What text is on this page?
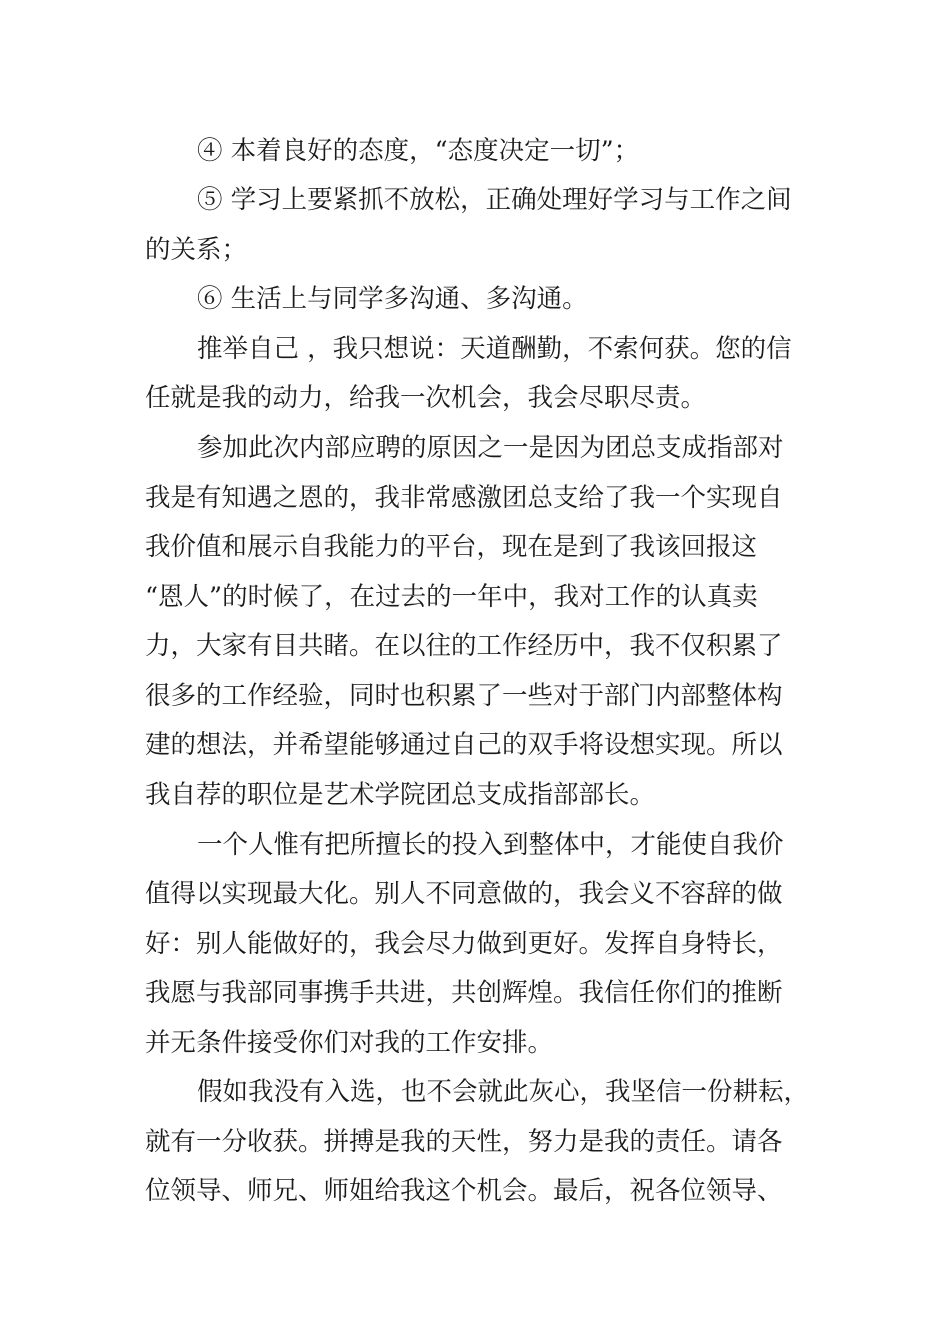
④ 本着良好的态度，“态度决定一切”；
⑤ 学习上要紧抓不放松，正确处理好学习与工作之间
的关系；
⑥ 生活上与同学多沟通、多沟通。
推举自己 ，我只想说：天道酬勤，不索何获。您的信
任就是我的动力，给我一次机会，我会尽职尽责。
参加此次内部应聘的原因之一是因为团总支成指部对
我是有知遇之恩的，我非常感激团总支给了我一个实现自
我价值和展示自我能力的平台，现在是到了我该回报这
“恩人”的时候了，在过去的一年中，我对工作的认真卖
力，大家有目共睹。在以往的工作经历中，我不仅积累了
很多的工作经验，同时也积累了一些对于部门内部整体构
建的想法，并希望能够通过自己的双手将设想实现。所以
我自荐的职位是艺术学院团总支成指部部长。
一个人惟有把所擅长的投入到整体中，才能使自我价
值得以实现最大化。别人不同意做的，我会义不容辞的做
好：别人能做好的，我会尽力做到更好。发挥自身特长，
我愿与我部同事携手共进，共创辉煌。我信任你们的推断
并无条件接受你们对我的工作安排。
假如我没有入选，也不会就此灰心，我坚信一份耕耘，
就有一分收获。拼搏是我的天性，努力是我的责任。请各
位领导、师兄、师姐给我这个机会。最后，祝各位领导、
